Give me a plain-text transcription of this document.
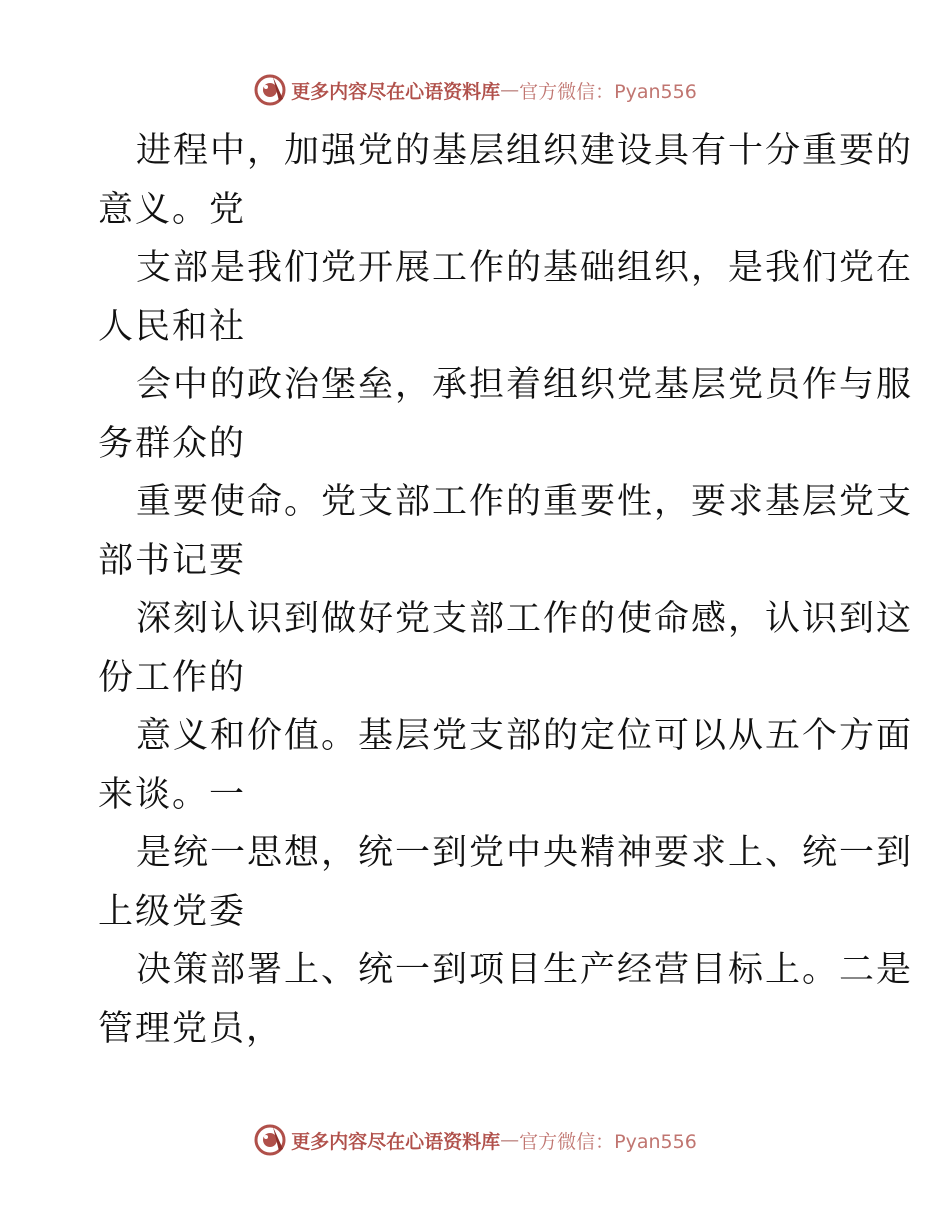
更多内容尽在心语资料库 — 官方微信：Pyan556
进程中，加强党的基层组织建设具有十分重要的
意义。党
支部是我们党开展工作的基础组织，是我们党在
人民和社
会中的政治堡垒，承担着组织党基层党员作与服
务群众的
重要使命。党支部工作的重要性，要求基层党支
部书记要
深刻认识到做好党支部工作的使命感，认识到这
份工作的
意义和价值。基层党支部的定位可以从五个方面
来谈。一
是统一思想，统一到党中央精神要求上、统一到
上级党委
决策部署上、统一到项目生产经营目标上。二是
管理党员，
更多内容尽在心语资料库 — 官方微信：Pyan556
